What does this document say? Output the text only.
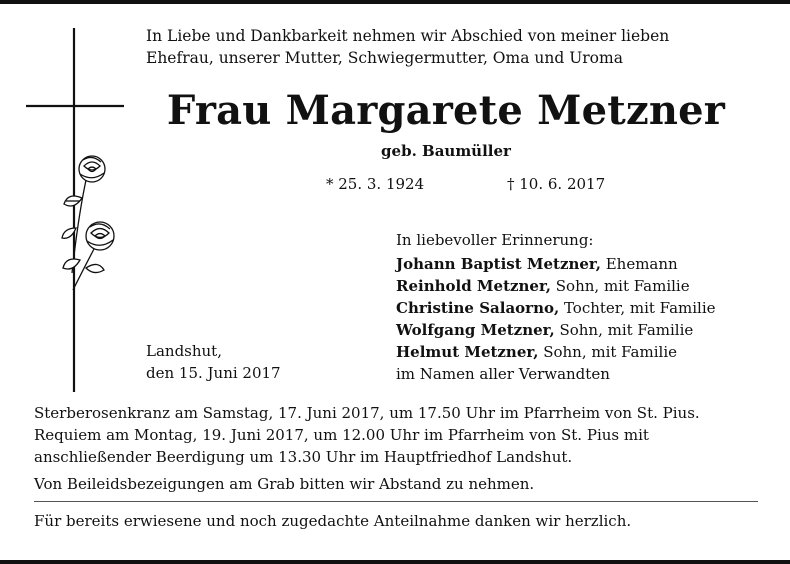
In Liebe und Dankbarkeit nehmen wir Abschied von meiner lieben
Ehefrau, unserer Mutter, Schwiegermutter, Oma und Uroma
Frau Margarete Metzner
geb. Baumüller
* 25. 3. 1924	† 10. 6. 2017
In liebevoller Erinnerung:
Johann Baptist Metzner, Ehemann
Reinhold Metzner, Sohn, mit Familie
Christine Salaorno, Tochter, mit Familie
Wolfgang Metzner, Sohn, mit Familie
Helmut Metzner, Sohn, mit Familie
im Namen aller Verwandten
Landshut,
den 15. Juni 2017
Sterberosenkranz am Samstag, 17. Juni 2017, um 17.50 Uhr im Pfarrheim von St. Pius.
Requiem am Montag, 19. Juni 2017, um 12.00 Uhr im Pfarrheim von St. Pius mit
anschließender Beerdigung um 13.30 Uhr im Hauptfriedhof Landshut.
Von Beileidsbezeigungen am Grab bitten wir Abstand zu nehmen.
Für bereits erwiesene und noch zugedachte Anteilnahme danken wir herzlich.
